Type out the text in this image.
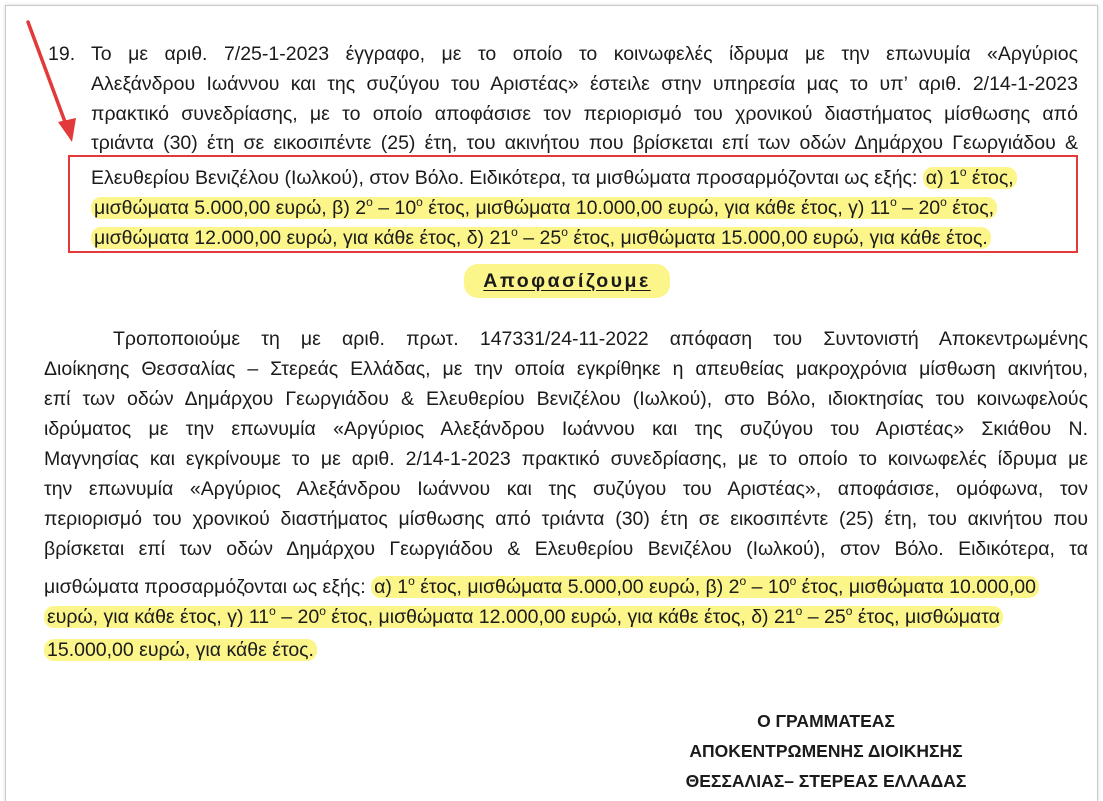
19. Το με αριθ. 7/25-1-2023 έγγραφο, με το οποίο το κοινωφελές ίδρυμα με την επωνυμία «Αργύριος
Αλεξάνδρου Ιωάννου και της συζύγου του Αριστέας» έστειλε στην υπηρεσία μας το υπ’ αριθ. 2/14-1-2023
πρακτικό συνεδρίασης, με το οποίο αποφάσισε τον περιορισμό του χρονικού διαστήματος μίσθωσης από
τριάντα (30) έτη σε εικοσιπέντε (25) έτη, του ακινήτου που βρίσκεται επί των οδών Δημάρχου Γεωργιάδου &
Ελευθερίου Βενιζέλου (Ιωλκού), στον Βόλο. Ειδικότερα, τα μισθώματα προσαρμόζονται ως εξής: α) $1^o$ έτος,
μισθώματα 5.000,00 ευρώ, β) $2^o - 10^o$ έτος, μισθώματα 10.000,00 ευρώ, για κάθε έτος, γ) $11^o - 20^o$ έτος,
μισθώματα 12.000,00 ευρώ, για κάθε έτος, δ) $21^o - 25^o$ έτος, μισθώματα 15.000,00 ευρώ, για κάθε έτος.
Αποφασίζουμε
Τροποποιούμε τη με αριθ. πρωτ. 147331/24-11-2022 απόφαση του Συντονιστή Αποκεντρωμένης
Διοίκησης Θεσσαλίας – Στερεάς Ελλάδας, με την οποία εγκρίθηκε η απευθείας μακροχρόνια μίσθωση ακινήτου,
επί των οδών Δημάρχου Γεωργιάδου & Ελευθερίου Βενιζέλου (Ιωλκού), στο Βόλο, ιδιοκτησίας του κοινωφελούς
ιδρύματος με την επωνυμία «Αργύριος Αλεξάνδρου Ιωάννου και της συζύγου του Αριστέας» Σκιάθου Ν.
Μαγνησίας και εγκρίνουμε το με αριθ. 2/14-1-2023 πρακτικό συνεδρίασης, με το οποίο το κοινωφελές ίδρυμα με
την επωνυμία «Αργύριος Αλεξάνδρου Ιωάννου και της συζύγου του Αριστέας», αποφάσισε, ομόφωνα, τον
περιορισμό του χρονικού διαστήματος μίσθωσης από τριάντα (30) έτη σε εικοσιπέντε (25) έτη, του ακινήτου που
βρίσκεται επί των οδών Δημάρχου Γεωργιάδου & Ελευθερίου Βενιζέλου (Ιωλκού), στον Βόλο. Ειδικότερα, τα
μισθώματα προσαρμόζονται ως εξής: α) $1^o$ έτος, μισθώματα 5.000,00 ευρώ, β) $2^o - 10^o$ έτος, μισθώματα 10.000,00
ευρώ, για κάθε έτος, γ) $11^o - 20^o$ έτος, μισθώματα 12.000,00 ευρώ, για κάθε έτος, δ) $21^o - 25^o$ έτος, μισθώματα
15.000,00 ευρώ, για κάθε έτος.
Ο ΓΡΑΜΜΑΤΕΑΣ
ΑΠΟΚΕΝΤΡΩΜΕΝΗΣ ΔΙΟΙΚΗΣΗΣ
ΘΕΣΣΑΛΙΑΣ– ΣΤΕΡΕΑΣ ΕΛΛΑΔΑΣ
